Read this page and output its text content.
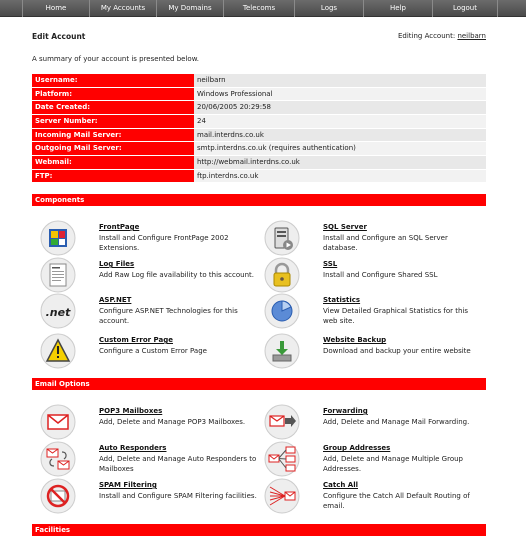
Home	My Accounts	My Domains	Telecoms	Logs	Help	Logout
Edit Account	Editing Account: neilbarn
A summary of your account is presented below.
Username:	neilbarn
Platform:	Windows Professional
Date Created:	20/06/2005 20:29:58
Server Number:	24
Incoming Mail Server:	mail.interdns.co.uk
Outgoing Mail Server:	smtp.interdns.co.uk (requires authentication)
Webmail:	http://webmail.interdns.co.uk
FTP:	ftp.interdns.co.uk
Components
FrontPage
Install and Configure FrontPage 2002 Extensions.
SQL Server
Install and Configure an SQL Server database.
Log Files
Add Raw Log file availability to this account.
SSL
Install and Configure Shared SSL
.net
ASP.NET
Configure ASP.NET Technologies for this account.
Statistics
View Detailed Graphical Statistics for this web site.
Custom Error Page
Configure a Custom Error Page
Website Backup
Download and backup your entire website
Email Options
POP3 Mailboxes
Add, Delete and Manage POP3 Mailboxes.
Forwarding
Add, Delete and Manage Mail Forwarding.
Auto Responders
Add, Delete and Manage Auto Responders to Mailboxes
Group Addresses
Add, Delete and Manage Multiple Group Addresses.
SPAM Filtering
Install and Configure SPAM Filtering facilities.
Catch All
Configure the Catch All Default Routing of email.
Facilities
